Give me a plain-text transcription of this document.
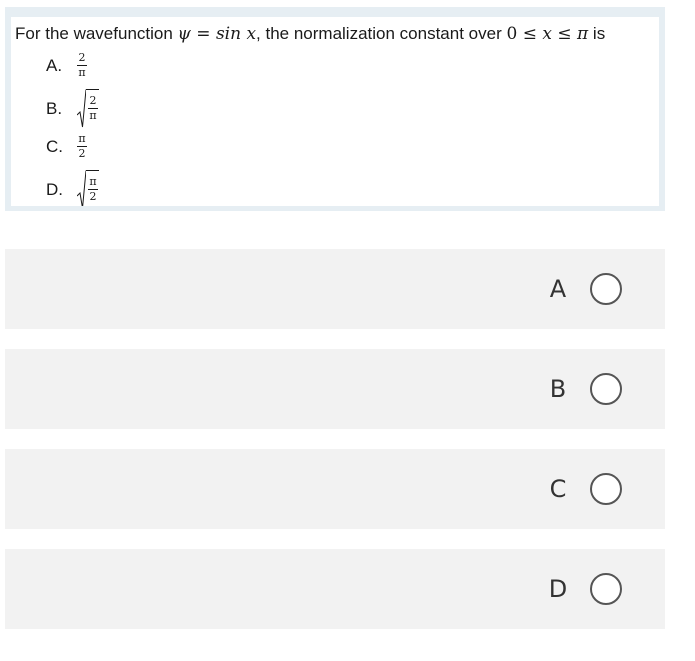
For the wavefunction ψ = sin x, the normalization constant over 0 ≤ x ≤ π is
A.	$\frac{2}{\pi}$
B.	$\frac{2}{\pi}$
C.	$\frac{\pi}{2}$
D.	$\frac{\pi}{2}$
A
B
C
D
